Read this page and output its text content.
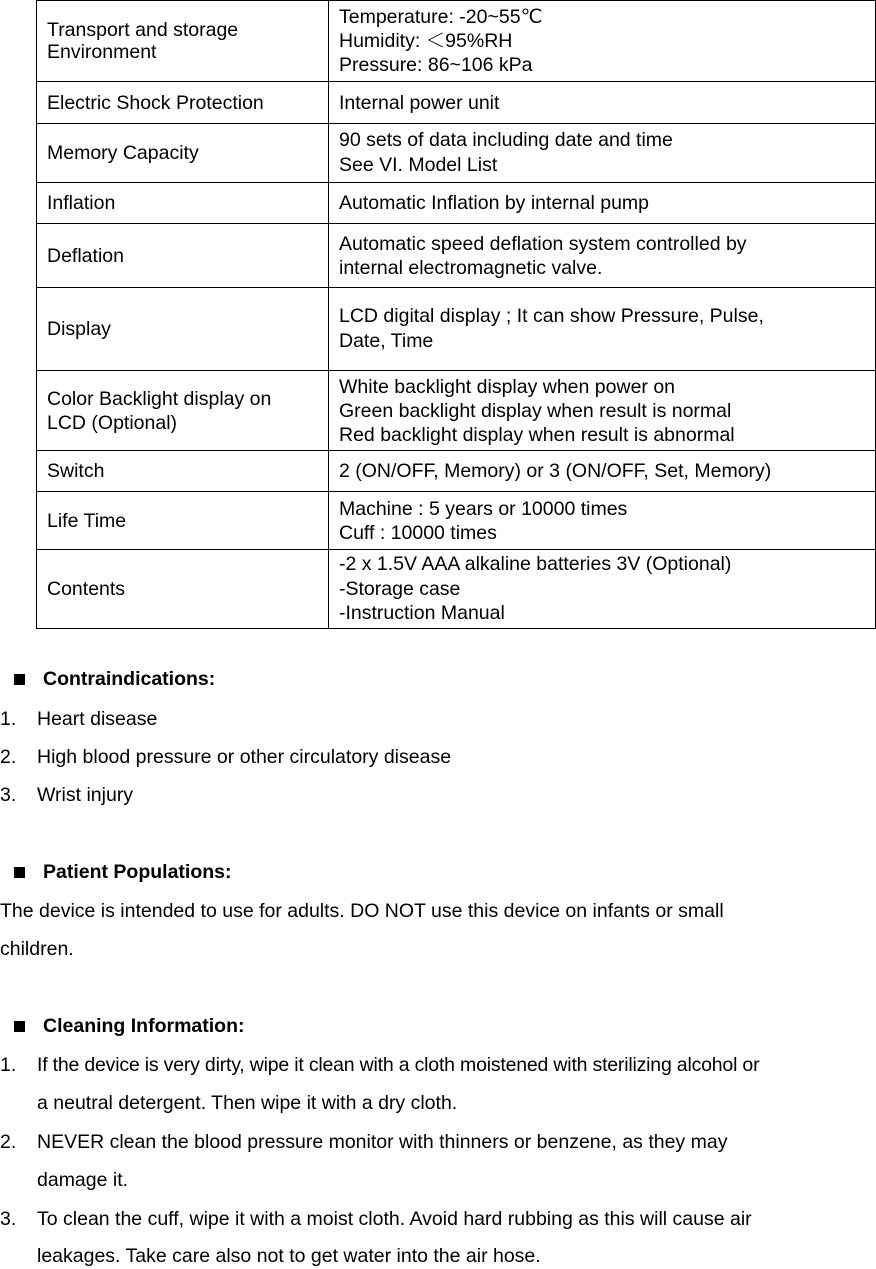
Transport and storage
Environment	Temperature: -20~55℃
Humidity: ＜95%RH
Pressure: 86~106 kPa

Electric Shock Protection	Internal power unit

Memory Capacity	90 sets of data including date and time
See VI. Model List

Inflation	Automatic Inflation by internal pump

Deflation	Automatic speed deflation system controlled by
internal electromagnetic valve.

Display	LCD digital display ; It can show Pressure, Pulse,
Date, Time

Color Backlight display on
LCD (Optional)	White backlight display when power on
Green backlight display when result is normal
Red backlight display when result is abnormal

Switch	2 (ON/OFF, Memory) or 3 (ON/OFF, Set, Memory)

Life Time	Machine : 5 years or 10000 times
Cuff : 10000 times

Contents	-2 x 1.5V AAA alkaline batteries 3V (Optional)
-Storage case
-Instruction Manual
Contraindications:
1.	Heart disease
2.	High blood pressure or other circulatory disease
3.	Wrist injury
Patient Populations:
The device is intended to use for adults. DO NOT use this device on infants or small
children.
Cleaning Information:
1.	If the device is very dirty, wipe it clean with a cloth moistened with sterilizing alcohol or
a neutral detergent. Then wipe it with a dry cloth.
2.	NEVER clean the blood pressure monitor with thinners or benzene, as they may
damage it.
3.	To clean the cuff, wipe it with a moist cloth. Avoid hard rubbing as this will cause air
leakages. Take care also not to get water into the air hose.
